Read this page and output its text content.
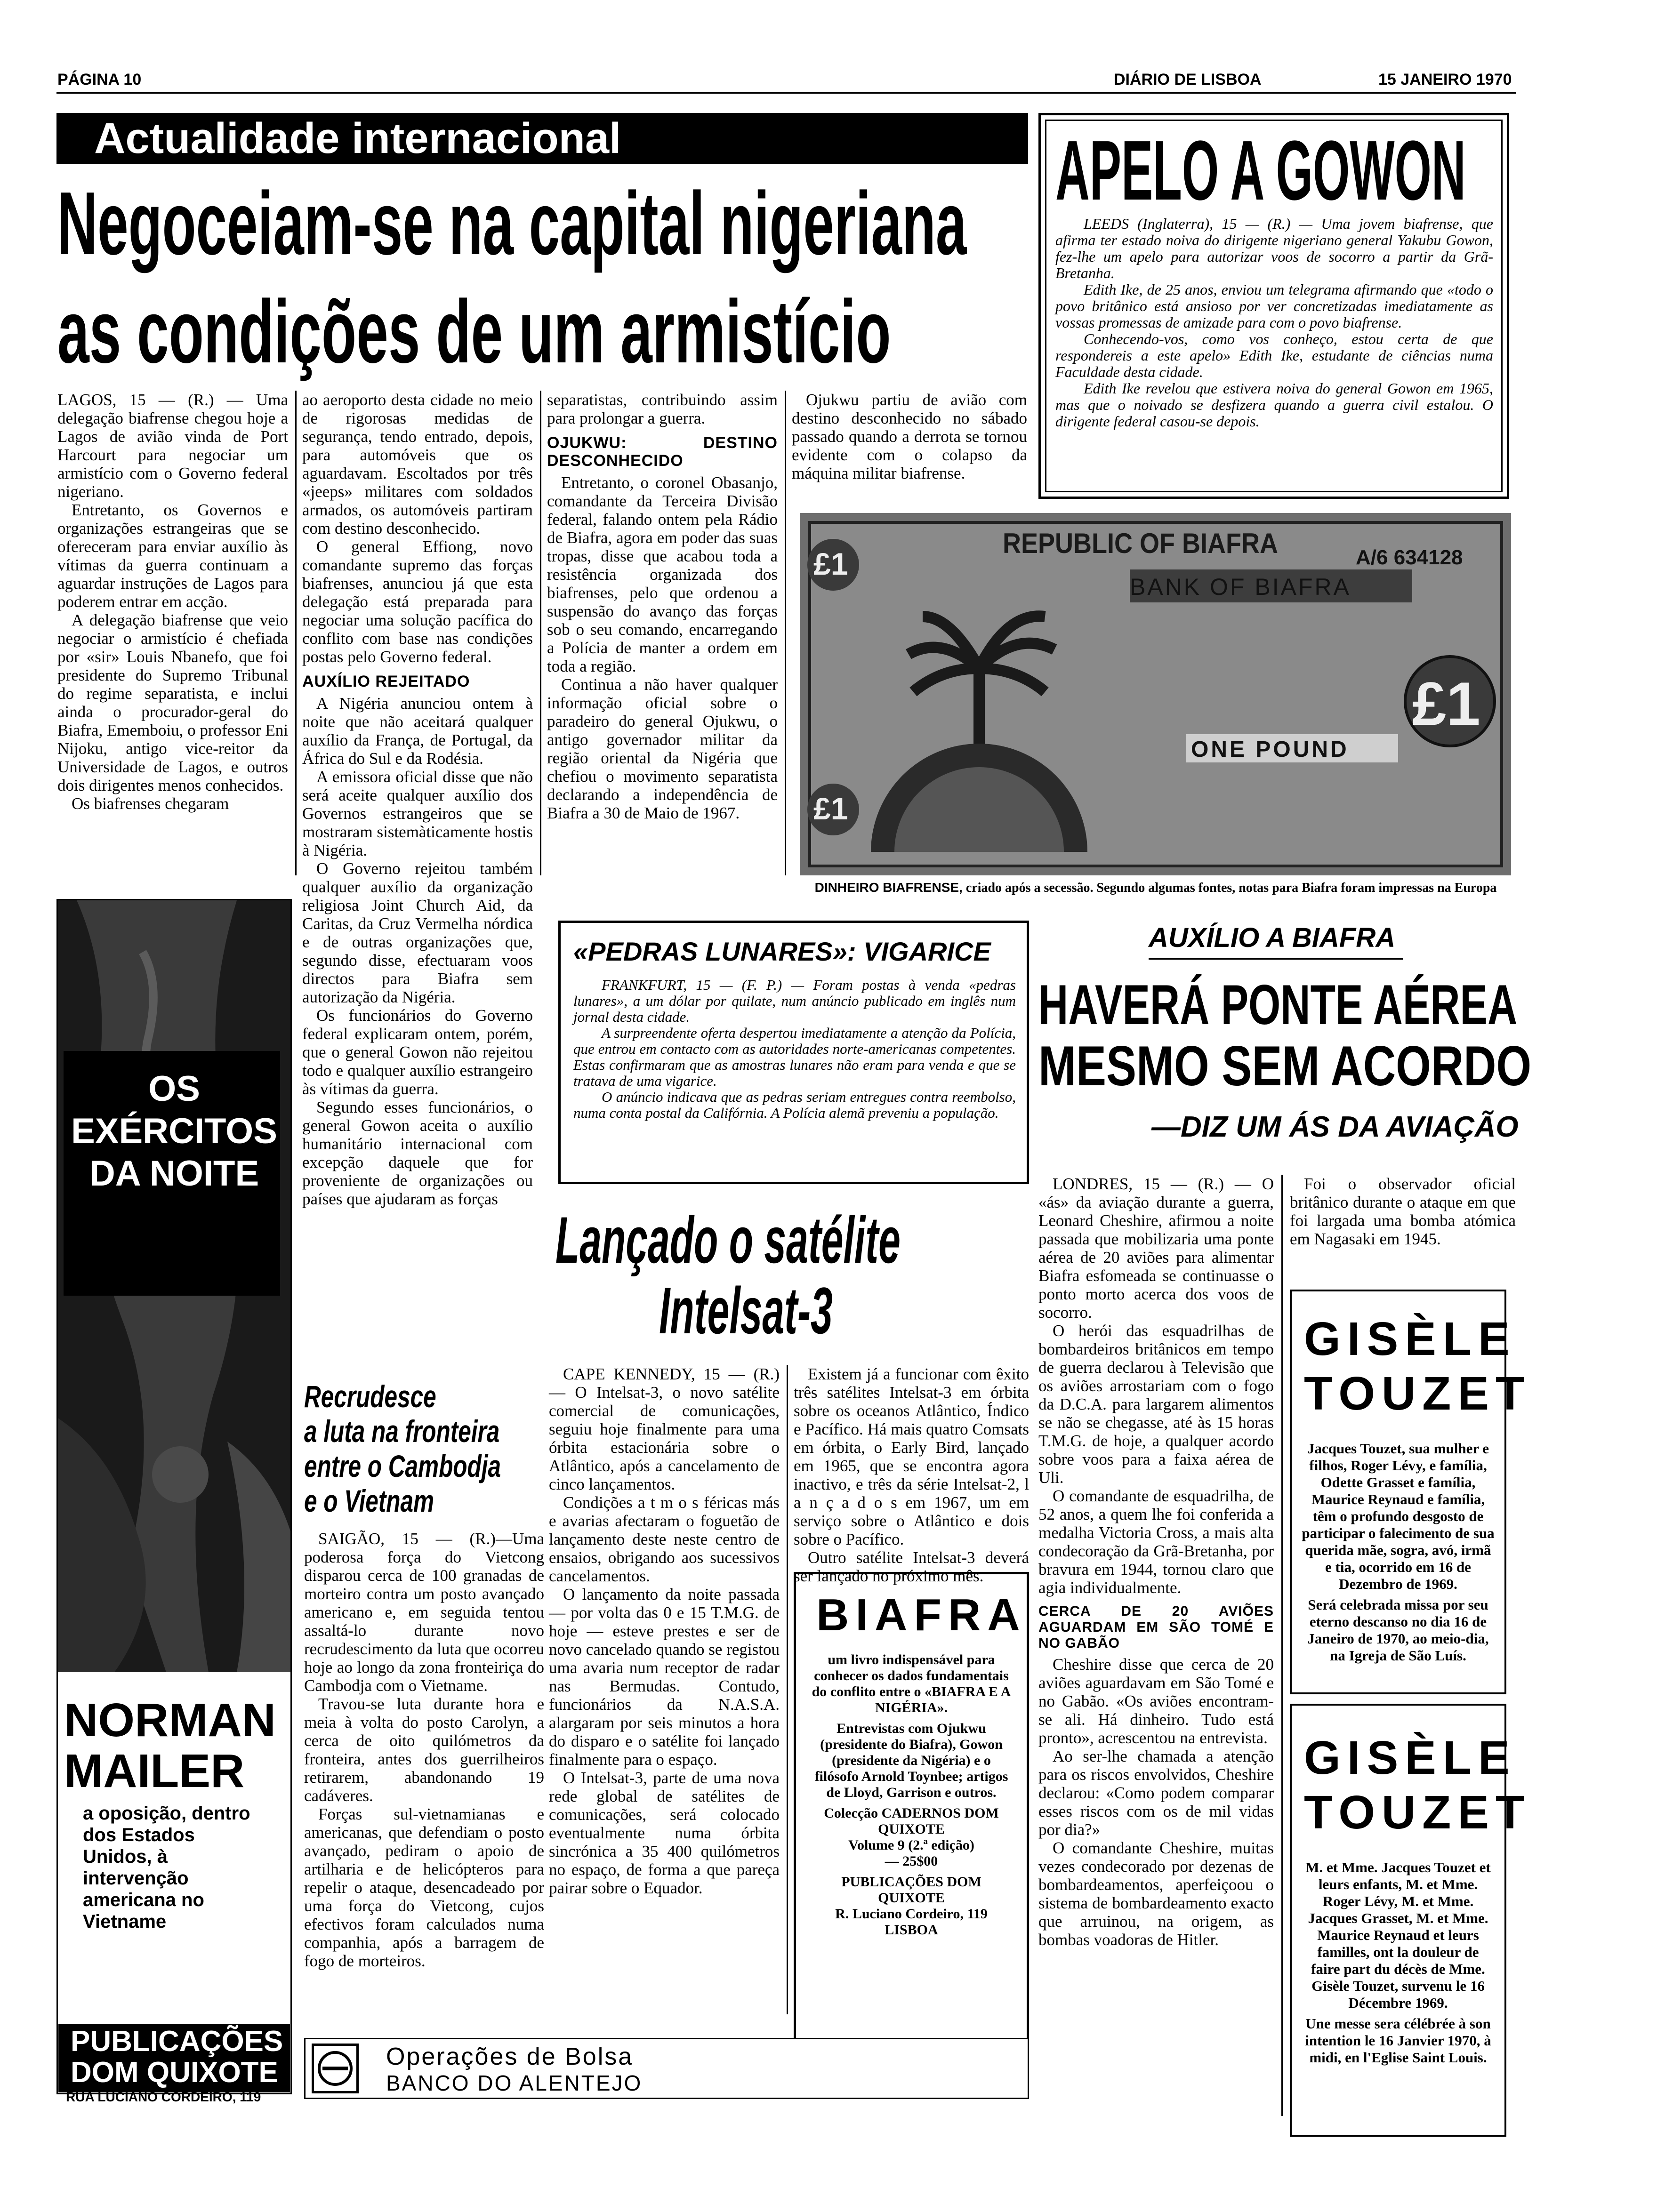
PÁGINA 10	DIÁRIO DE LISBOA	15 JANEIRO 1970
Actualidade internacional
Negoceiam-se na capital nigeriana
as condições de um armistício

LAGOS, 15 — (R.) — Uma delegação biafrense chegou hoje a Lagos de avião vinda de Port Harcourt para negociar um armistício com o Governo federal nigeriano.

Entretanto, os Governos e organizações estrangeiras que se ofereceram para enviar auxílio às vítimas da guerra continuam a aguardar instruções de Lagos para poderem entrar em acção.

A delegação biafrense que veio negociar o armistício é chefiada por «sir» Louis Nbanefo, que foi presidente do Supremo Tribunal do regime separatista, e inclui ainda o procurador-geral do Biafra, Ememboiu, o professor Eni Nijoku, antigo vice-reitor da Universidade de Lagos, e outros dois dirigentes menos conhecidos.

Os biafrenses chegaram

ao aeroporto desta cidade no meio de rigorosas medidas de segurança, tendo entrado, depois, para automóveis que os aguardavam. Escoltados por três «jeeps» militares com soldados armados, os automóveis partiram com destino desconhecido.

O general Effiong, novo comandante supremo das forças biafrenses, anunciou já que esta delegação está preparada para negociar uma solução pacífica do conflito com base nas condições postas pelo Governo federal.

AUXÍLIO REJEITADO

A Nigéria anunciou ontem à noite que não aceitará qualquer auxílio da França, de Portugal, da África do Sul e da Rodésia.

A emissora oficial disse que não será aceite qualquer auxílio dos Governos estrangeiros que se mostraram sistemàticamente hostis à Nigéria.

O Governo rejeitou também qualquer auxílio da organização religiosa Joint Church Aid, da Caritas, da Cruz Vermelha nórdica e de outras organizações que, segundo disse, efectuaram voos directos para Biafra sem autorização da Nigéria.

Os funcionários do Governo federal explicaram ontem, porém, que o general Gowon não rejeitou todo e qualquer auxílio estrangeiro às vítimas da guerra.

Segundo esses funcionários, o general Gowon aceita o auxílio humanitário internacional com excepção daquele que for proveniente de organizações ou países que ajudaram as forças

separatistas, contribuindo assim para prolongar a guerra.

OJUKWU: DESTINO DESCONHECIDO

Entretanto, o coronel Obasanjo, comandante da Terceira Divisão federal, falando ontem pela Rádio de Biafra, agora em poder das suas tropas, disse que acabou toda a resistência organizada dos biafrenses, pelo que ordenou a suspensão do avanço das forças sob o seu comando, encarregando a Polícia de manter a ordem em toda a região.

Continua a não haver qualquer informação oficial sobre o paradeiro do general Ojukwu, o antigo governador militar da região oriental da Nigéria que chefiou o movimento separatista declarando a independência de Biafra a 30 de Maio de 1967.

Ojukwu partiu de avião com destino desconhecido no sábado passado quando a derrota se tornou evidente com o colapso da máquina militar biafrense.

APELO A GOWON

LEEDS (Inglaterra), 15 — (R.) — Uma jovem biafrense, que afirma ter estado noiva do dirigente nigeriano general Yakubu Gowon, fez-lhe um apelo para autorizar voos de socorro a partir da Grã-Bretanha.

Edith Ike, de 25 anos, enviou um telegrama afirmando que «todo o povo britânico está ansioso por ver concretizadas imediatamente as vossas promessas de amizade para com o povo biafrense.

Conhecendo-vos, como vos conheço, estou certa de que respondereis a este apelo» Edith Ike, estudante de ciências numa Faculdade desta cidade.

Edith Ike revelou que estivera noiva do general Gowon em 1965, mas que o noivado se desfizera quando a guerra civil estalou. O dirigente federal casou-se depois.

REPUBLIC OF BIAFRA	A/6 634128
BANK OF BIAFRA
£1
£1
£1
ONE POUND
DINHEIRO BIAFRENSE, criado após a secessão. Segundo algumas fontes, notas para Biafra foram impressas na Europa
«PEDRAS LUNARES»: VIGARICE

FRANKFURT, 15 — (F. P.) — Foram postas à venda «pedras lunares», a um dólar por quilate, num anúncio publicado em inglês num jornal desta cidade.

A surpreendente oferta despertou imediatamente a atenção da Polícia, que entrou em contacto com as autoridades norte-americanas competentes. Estas confirmaram que as amostras lunares não eram para venda e que se tratava de uma vigarice.

O anúncio indicava que as pedras seriam entregues contra reembolso, numa conta postal da Califórnia. A Polícia alemã preveniu a população.

AUXÍLIO A BIAFRA
HAVERÁ PONTE AÉREA
MESMO SEM ACORDO
—DIZ UM ÁS DA AVIAÇÃO

LONDRES, 15 — (R.) — O «ás» da aviação durante a guerra, Leonard Cheshire, afirmou a noite passada que mobilizaria uma ponte aérea de 20 aviões para alimentar Biafra esfomeada se continuasse o ponto morto acerca dos voos de socorro.

O herói das esquadrilhas de bombardeiros britânicos em tempo de guerra declarou à Televisão que os aviões arrostariam com o fogo da D.C.A. para largarem alimentos se não se chegasse, até às 15 horas T.M.G. de hoje, a qualquer acordo sobre voos para a faixa aérea de Uli.

O comandante de esquadrilha, de 52 anos, a quem lhe foi conferida a medalha Victoria Cross, a mais alta condecoração da Grã-Bretanha, por bravura em 1944, tornou claro que agia individualmente.

CERCA DE 20 AVIÕES AGUARDAM EM SÃO TOMÉ E NO GABÃO

Cheshire disse que cerca de 20 aviões aguardavam em São Tomé e no Gabão. «Os aviões encontram-se ali. Há dinheiro. Tudo está pronto», acrescentou na entrevista.

Ao ser-lhe chamada a atenção para os riscos envolvidos, Cheshire declarou: «Como podem comparar esses riscos com os de mil vidas por dia?»

O comandante Cheshire, muitas vezes condecorado por dezenas de bombardeamentos, aperfeiçoou o sistema de bombardeamento exacto que arruinou, na origem, as bombas voadoras de Hitler.

Foi o observador oficial britânico durante o ataque em que foi largada uma bomba atómica em Nagasaki em 1945.

GISÈLE
TOUZET

Jacques Touzet, sua mulher e filhos, Roger Lévy, e família, Odette Grasset e família, Maurice Reynaud e família, têm o profundo desgosto de participar o falecimento de sua querida mãe, sogra, avó, irmã e tia, ocorrido em 16 de Dezembro de 1969.

Será celebrada missa por seu eterno descanso no dia 16 de Janeiro de 1970, ao meio-dia, na Igreja de São Luís.

GISÈLE
TOUZET

M. et Mme. Jacques Touzet et leurs enfants, M. et Mme. Roger Lévy, M. et Mme. Jacques Grasset, M. et Mme. Maurice Reynaud et leurs familles, ont la douleur de faire part du décès de Mme. Gisèle Touzet, survenu le 16 Décembre 1969.

Une messe sera célébrée à son intention le 16 Janvier 1970, à midi, en l'Eglise Saint Louis.

Lançado o satélite
Intelsat-3

CAPE KENNEDY, 15 — (R.) — O Intelsat-3, o novo satélite comercial de comunicações, seguiu hoje finalmente para uma órbita estacionária sobre o Atlântico, após a cancelamento de cinco lançamentos.

Condições a t m o s féricas más e avarias afectaram o foguetão de lançamento deste neste centro de ensaios, obrigando aos sucessivos cancelamentos.

O lançamento da noite passada — por volta das 0 e 15 T.M.G. de hoje — esteve prestes e ser de novo cancelado quando se registou uma avaria num receptor de radar nas Bermudas. Contudo, funcionários da N.A.S.A. alargaram por seis minutos a hora do disparo e o satélite foi lançado finalmente para o espaço.

O Intelsat-3, parte de uma nova rede global de satélites de comunicações, será colocado eventualmente numa órbita sincrónica a 35 400 quilómetros no espaço, de forma a que pareça pairar sobre o Equador.

Existem já a funcionar com êxito três satélites Intelsat-3 em órbita sobre os oceanos Atlântico, Índico e Pacífico. Há mais quatro Comsats em órbita, o Early Bird, lançado em 1965, que se encontra agora inactivo, e três da série Intelsat-2, l a n ç a d o s em 1967, um em serviço sobre o Atlântico e dois sobre o Pacífico.

Outro satélite Intelsat-3 deverá ser lançado no próximo mês.

BIAFRA

um livro indispensável para conhecer os dados fundamentais do conflito entre o «BIAFRA E A NIGÉRIA».

Entrevistas com Ojukwu (presidente do Biafra), Gowon (presidente da Nigéria) e o filósofo Arnold Toynbee; artigos de Lloyd, Garrison e outros.

Colecção CADERNOS DOM QUIXOTE

Volume 9 (2.ª edição)

— 25$00

PUBLICAÇÕES DOM QUIXOTE

R. Luciano Cordeiro, 119

LISBOA

OS
EXÉRCITOS
DA NOITE
NORMAN
MAILER
a oposição, dentro dos Estados Unidos, à intervenção americana no Vietname
PUBLICAÇÕES
DOM QUIXOTE
RUA LUCIANO CORDEIRO, 119
Recrudesce
a luta na fronteira
entre o Cambodja
e o Vietnam

SAIGÃO, 15 — (R.)—Uma poderosa força do Vietcong disparou cerca de 100 granadas de morteiro contra um posto avançado americano e, em seguida tentou assaltá-lo durante novo recrudescimento da luta que ocorreu hoje ao longo da zona fronteiriça do Cambodja com o Vietname.

Travou-se luta durante hora e meia à volta do posto Carolyn, a cerca de oito quilómetros da fronteira, antes dos guerrilheiros retirarem, abandonando 19 cadáveres.

Forças sul-vietnamianas e americanas, que defendiam o posto avançado, pediram o apoio de artilharia e de helicópteros para repelir o ataque, desencadeado por uma força do Vietcong, cujos efectivos foram calculados numa companhia, após a barragem de fogo de morteiros.

Operações de Bolsa
BANCO DO ALENTEJO
